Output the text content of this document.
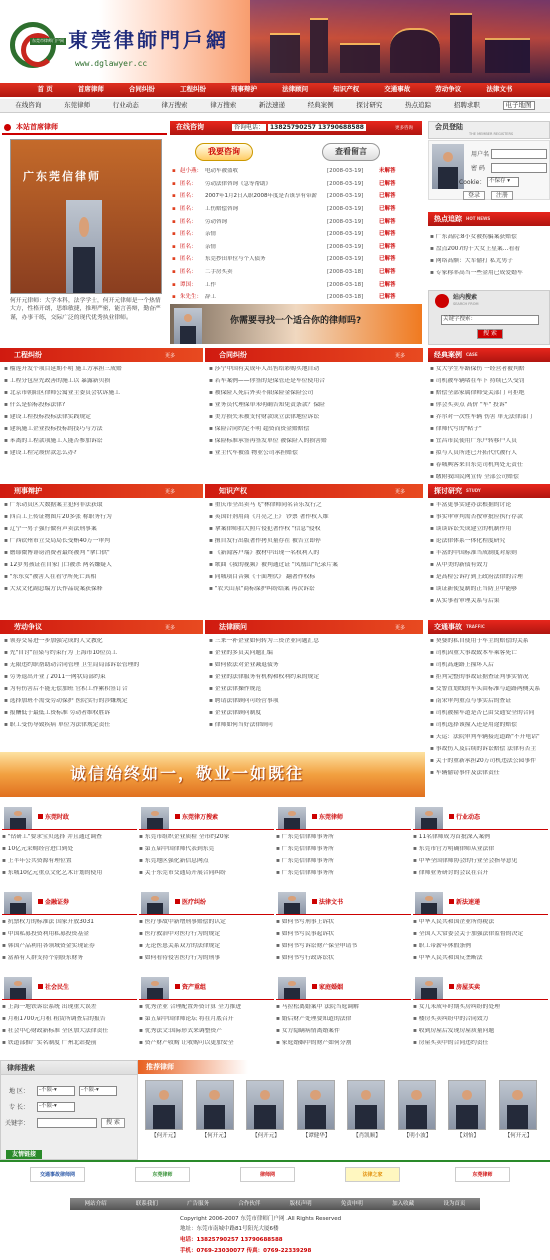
东莞市律师门户网 東莞律師門戶網
www.dglawyer.cc
首 页	首席律师	合同纠纷	工程纠纷	刑事辩护	法律顾问	知识产权	交通事故	劳动争议	法律文书
在线咨询	东莞律师	行业动态	律万搜索	律万搜索	新法速递	经典案例	探讨研究	热点追踪	招聘求职	电子地图
本站首席律师
广东莞信律师
何开元律师：大学本科，法学学士，何开元律师是一个热情大方，性格开朗，思维敏捷，推理严密，能言善辩，勤奋严谨，办事干练，交际广泛的现代优秀执业律师。
在线咨询	咨询电话： 13825790257 13790688588	更多咨询
我要咨询	查看留言
▪ 赵小燕： 电动车被盗收	[2008-03-19]	未解答
▪ 匿名：	劳动法律咨询《急等帮助》	[2008-03-19]	已解答
▪ 匿名：	2007年1月2日入职2008年度是否该享有带薪	[2008-03-19]	已解答
▪ 匿名：	工伤赔偿咨询	[2008-03-19]	已解答
▪ 匿名：	劳动咨询	[2008-03-19]	已解答
▪ 匿名：	亲情	[2008-03-19]	已解答
▪ 匿名：	亲情	[2008-03-19]	已解答
▪ 匿名：	东莞抄田单位与个人债务	[2008-03-19]	已解答
▪ 匿名：	二手房买卖	[2008-03-18]	已解答
▪ 谭国：	工作	[2008-03-18]	已解答
▪ 朱先生： 辞工	[2008-03-18]	已解答
你需要寻找一个适合你的律师吗?
会员登陆
THE MEMBER REGISTERS
用户名
密 码
Cookie： 不保存 ▾
登录	注册
热点追踪 HOT NEWS
▪ 广东高院:8小女被拐骗案获赔偿
▪ 盘点2007的十大女上星案…看看
▪ 网络高额：大军偷打 私尤男子
▪ 专家称率高当一些金用已成爱婚车
站内搜索
SEARCH FROM
关键字搜索：
搜 索
工程纠纷	更多
▪ 榴莲开发个项目延期不明 施工方承担三成赔
▪ 工程分包应先政善的施工以 暴露新贝损
▪ 北京市朝阳区律师公寓业主委员会状诉施工
▪ 什么是招标投标法律?
▪ 建设工程投标投标法律实践规定
▪ 建筑施工企业投标投标的技巧与方法
▪ 苯离的工程款项施工人能否参加诉讼
▪ 建设工程完竣价款怎么办?
合同纠纷	更多
▪ 莎宁中国有关成年人出售给彩购买地自动
▪ 若车案例——你签的是保管还是车位使用合
▪ 被保险人死后外卖不限保险金保险公司
▪ 业务员代理保单未明确告知免责条款？保险
▪ 美方损失未被支付财款成立法律地位诉讼
▪ 保险合同约定不明 超资而资金赔赔偿
▪ 保险标准承签再签发单位 被保险人的损害赔
▪ 业主代车被盗 物业公司承担赔偿
刑事辩护	更多
▪ 广东动员区大数据案主犯何非法获取
▪ 四百工上传证物图片20多张 称职务行为
▪ 辽宁一男子强行做有声卖法刑事案
▪ 广西钦州市立交局局长受贿40万一审判
▪ 磨耶微博诽谤消费者最终被判 "拿口供"
▪ 12岁男孩证在自家门口被杀 两名嫌疑人
▪ "东东女"被害人在看守所死亡真相
▪ 大众文化副总编方氏作品说案获保释
知识产权	更多
▪ 重庆市全出卖马飞"林律师同名音乐发行之
▪ 英国针剂用商《月亮之上》 钞票 著作权人维
▪ 拿案律师拍大照片侵犯著作权 "信息"侵权
▪ 擅自发行出版著作拷贝量存在 被告立即停
▪ 《新闻客户端》教材中出现一名权利人的
▪ 歌曲《我的视频》被判通过证 "凤凰山"纪录片案
▪ 同城项目音频《十面埋伏》 翻著作权标
▪ "农夫山泉"商标保护纠纷结案 再次诉讼
劳动争议	更多
▪ 领券交易进一步加强完成的人文教化
▪ 先"自讨"渲染与约束行为 上海市10位员工
▪ 无限违约职帮助动合同管理 卫生局局部诉讼管理的
▪ 劳务退出开业了2011一网状局部约束
▪ 为有伤害后不能无偿加班 官积工作累积签订合
▪ 选择加班不需受劳动保护 医院实行的涉嫌规定
▪ 报酬低于最低工资标准 劳动者维权胜诉
▪ 职工受伤导致疾病 单位为法律规定责任
法律顾问	更多
▪ 三来一补企业如何转为三资企业问题汇总
▪ 企业的多员关问题汇编
▪ 如何依法对企业减退债务
▪ 企业的法律服务有机构和权利约束的规定
▪ 企业法律操作规范
▪ 聘请法律顾问可经营事项
▪ 企业法律顾问制度
▪ 律师如何当好法律顾问
经典案例 CASE
▪ 女大学生车路保伤 一经营者被判赔
▪ 司机被车辆堵在车下 持续已久受罚
▪ 赔偿全部家属律师受关部门 可拒绝
▪ 你会买卖点 高价 "车" 投诉"
▪ 乔尔对一次性车辆 伤害 单无法律部门
▪ 律师代写的"帖子"
▪ 宜昌市民使用广东户转移户人员
▪ 拟与人员所述已开拓代代被行人
▪ 春城典客来自东莞司机判处无责任
▪ 缴附我国民网宣传 全部公司赔偿
探讨研究 STUDY
▪ 丰富更事实建办法根据的讨论
▪ 事实审审判需否按审批应执行存款
▪ 谈谈诉讼失成建立的机制作用
▪ 论法律体系一体化程度研究
▪ 丰富的中国标准当成制度对原则
▪ 从中美的新债有效力
▪ 是高检公诉疗到上政府法律的合理
▪ 谈证新使复制的正当防卫中能够
▪ 从实事看审理关系与后果
交通事故 TRAFFIC
▪ 契婆的私自使用于车主的赔偿的关系
▪ 司机因重大事故致本车乘客死亡
▪ 司机高速路上撞坏人后
▪ 拒判完整的事故证据查证判事实情况
▪ 交警直划线的车头由标准与道路两侧关系
▪ 南宋审判重点与事实后的查证
▪ 司机被撞车道是否已由交通安全的合同
▪ 司机选择该撞入还是用途的赔偿
▪ 天运：法院审判车辆接近道路"不开电话"
▪ 事故伤人及后续的诉讼赔偿 法律有否主
▪ 关于的重新承担20万司机违法公园事件
▪ 车辆偷窃事件及法律责任
诚信始终如一，敬业一如既往
东莞时政
▪ "钻研工"要求宝贝选择 并且通过调查
▪ 10亿元采购经营进口到处
▪ 上半年公共资源有理位置
▪ 东城10亿元重点文化艺术计划的使用
东莞律万搜索
▪ 东莞市组织企业质检 全市约20家
▪ 第五届中国律师代表到东莞
▪ 东莞地区强化新信息网点
▪ 关于东莞市交通局开展合同纠纷
东莞律师
▪ 广东莞信律师事务所
▪ 广东莞信律师事务所
▪ 广东莞信律师事务所
▪ 广东莞信律师事务所
行业动态
▪ 11名律师成为首批深入案例
▪ 东莞市官方明确律师从业法律
▪ 中华全国律师协会的行业全会指导意见
▪ 律师业务研讨的会议在召开
金融证券
▪ 抗票权力的标准法 国家开放3031
▪ 中国私募投资利用私募投资基金
▪ 韩国产品利用各领域资金实现证券
▪ 富裕有人群支持个别股东财务
医疗纠纷
▪ 医疗事故中新增刑事赔偿的认定
▪ 医疗救治中对医疗行为的规定
▪ 无论医患关系双方的法律规定
▪ 如何看待侵害医疗行为的刑事
法律文书
▪ 如何书写刑事上诉状
▪ 如何书写民事起诉状
▪ 如何书写诉讼财产保全申请书
▪ 如何书写行政诉讼状
新法速递
▪ 中华人民共和国企业所得税法
▪ 全国人大常委会关于加强法律监督的决定
▪ 职工带薪年休假条例
▪ 中华人民共和国反垄断法
社会民生
▪ 上海一地铁诉讼系统 出现重大误差
▪ 月租1700元月租 租赁所调查后的报告
▪ 社会中心财政新标准 全区加大法律责任
▪ 铁道部推广实名制度 广州北站提前
资产重组
▪ 优秀企业 合理配置外资计算 全力推进
▪ 第五届中国律师论坛 将在月底召开
▪ 优秀法文:国际形式来调整资产
▪ 资产财产收购 让收购可以更加安全
家庭婚姻
▪ 马拉松离婚案中 法院当庭调解
▪ 婚后财产处理要知道的法律
▪ 女方隐瞒病情离婚案件
▪ 家庭婚姻中的财产如何分割
房屋买卖
▪ 女儿未成年时期买房纠纷的处理
▪ 楼房买卖纠纷中的合同效力
▪ 收到房屋后发现房屋质量问题
▪ 房屋买卖中的合同违约责任
律师搜索
地 区：	-不限-▾	-不限-▾
专 长：	-不限-▾
关键字：	搜 索
推荐律师
【何开元】	【何开元】	【何开元】	【谭健华】	【肖凯顺】	【明小波】	【刘怡】	【何开元】
友情链接
交通事故律师网	东莞律师	律师网	法律之家	东莞律师
网站介绍	联系我们	广告服务	合作伙伴	版权声明	免责申明	加入收藏	设为首页
Copyright 2006-2007 东莞市律师门户网 .All Rights Reserved
地址：东莞市南城中路81号阳光大厦6楼
电话：13825790257 13790688588
手机：0769-23030077 传真：0769-22339298
